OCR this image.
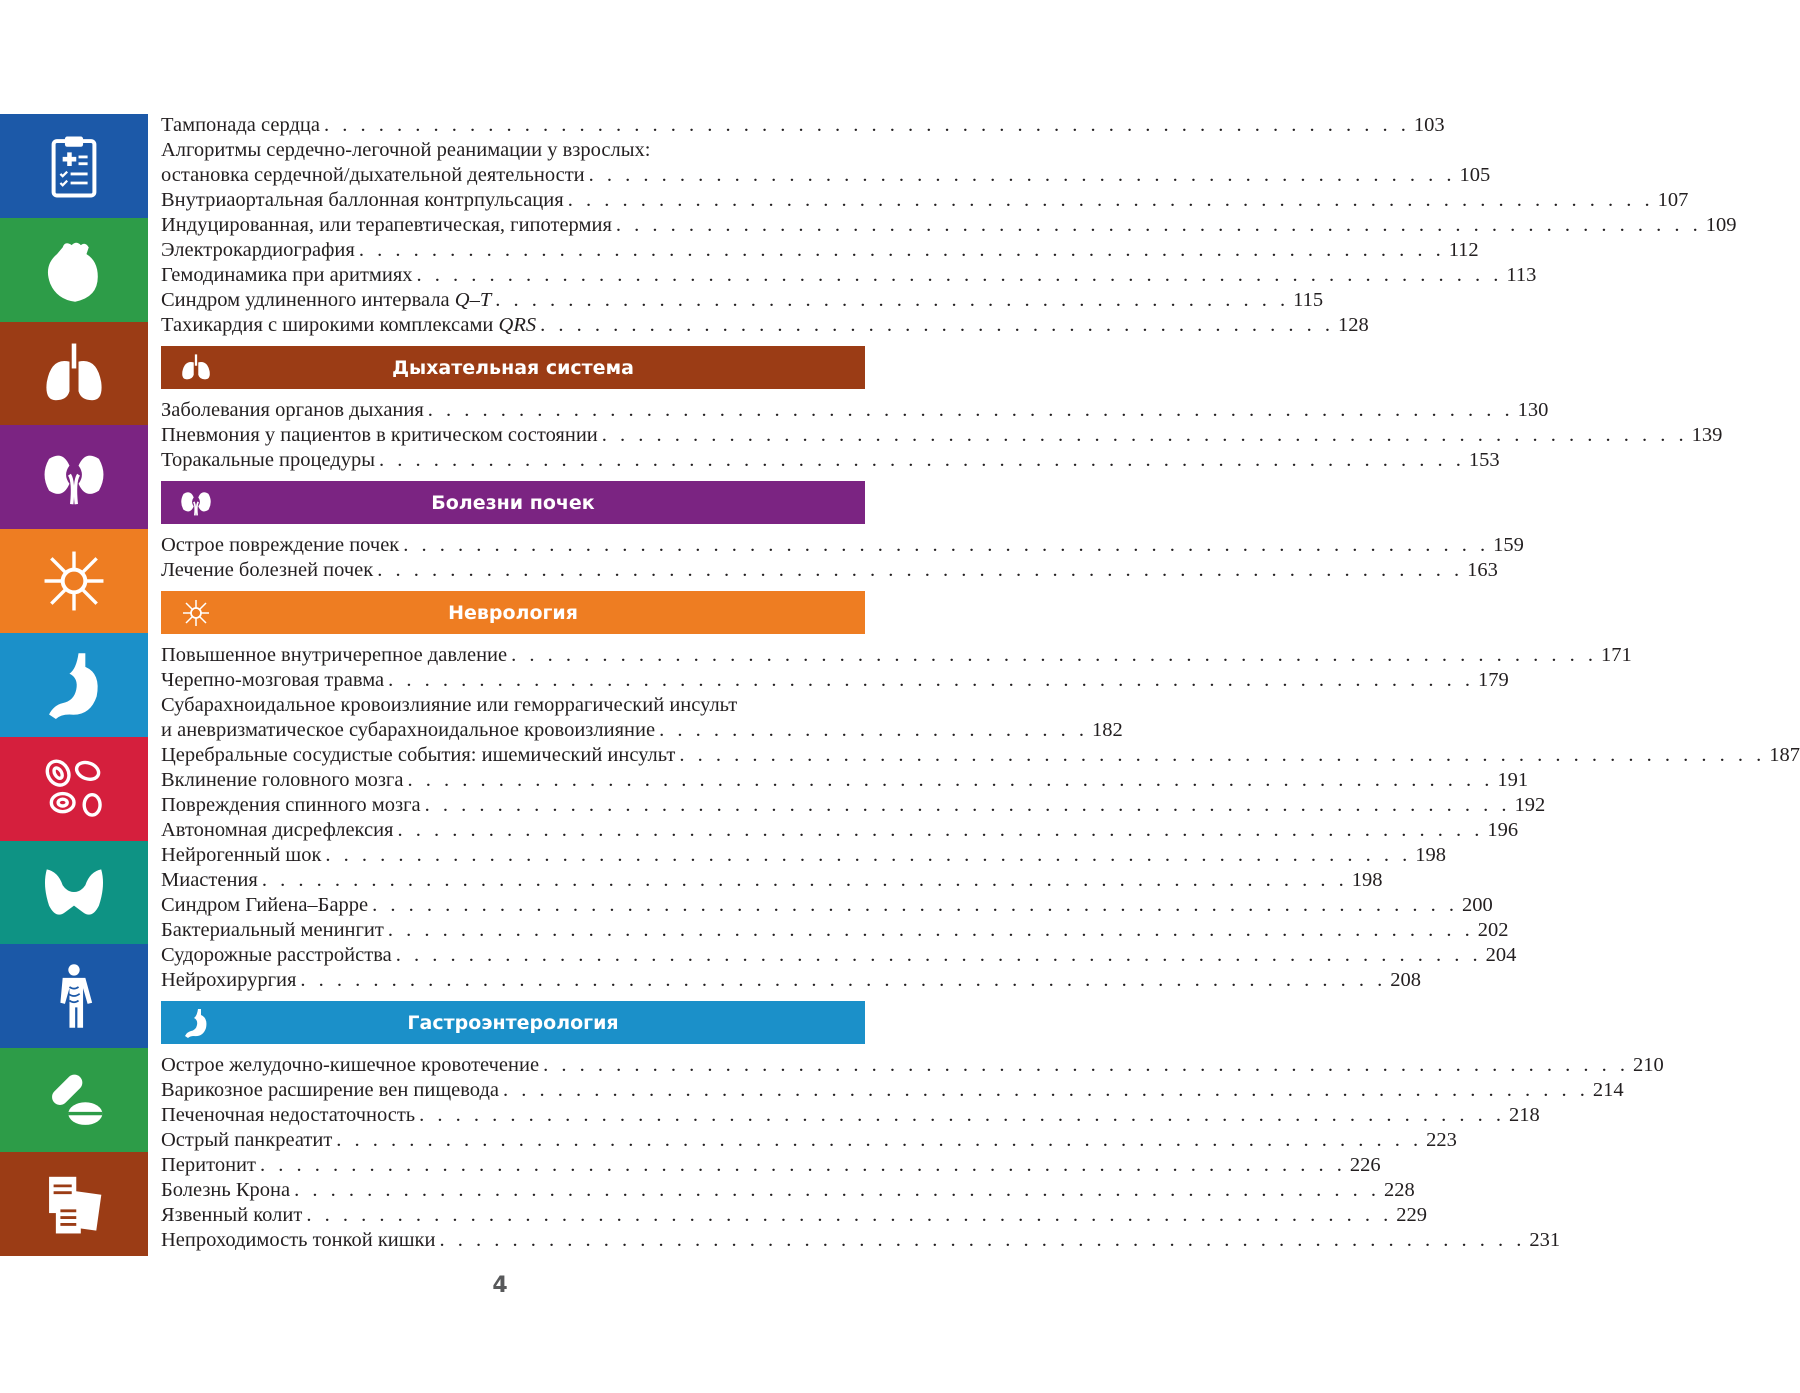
Тампонада сердца . . . . . . . . . . . . . . . . . . . . . . . . . . . . . . . . . . . . . . . . . . . . . . . . . . . . . . . . . . . . 103
Алгоритмы сердечно-легочной реанимации у взрослых:
остановка сердечной/дыхательной деятельности . . . . . . . . . . . . . . . . . . . . . . . . . . . . . . . . . . . . . . . . . . . . . . . . 105
Внутриаортальная баллонная контрпульсация . . . . . . . . . . . . . . . . . . . . . . . . . . . . . . . . . . . . . . . . . . . . . . . . . . . . . . . . . . . . 107
Индуцированная, или терапевтическая, гипотермия . . . . . . . . . . . . . . . . . . . . . . . . . . . . . . . . . . . . . . . . . . . . . . . . . . . . . . . . . . . . 109
Электрокардиография . . . . . . . . . . . . . . . . . . . . . . . . . . . . . . . . . . . . . . . . . . . . . . . . . . . . . . . . . . . . 112
Гемодинамика при аритмиях . . . . . . . . . . . . . . . . . . . . . . . . . . . . . . . . . . . . . . . . . . . . . . . . . . . . . . . . . . . . 113
Синдром удлиненного интервала Q–T . . . . . . . . . . . . . . . . . . . . . . . . . . . . . . . . . . . . . . . . . . . . 115
Тахикардия с широкими комплексами QRS . . . . . . . . . . . . . . . . . . . . . . . . . . . . . . . . . . . . . . . . . . . . 128
Дыхательная система
Заболевания органов дыхания . . . . . . . . . . . . . . . . . . . . . . . . . . . . . . . . . . . . . . . . . . . . . . . . . . . . . . . . . . . . 130
Пневмония у пациентов в критическом состоянии . . . . . . . . . . . . . . . . . . . . . . . . . . . . . . . . . . . . . . . . . . . . . . . . . . . . . . . . . . . . 139
Торакальные процедуры . . . . . . . . . . . . . . . . . . . . . . . . . . . . . . . . . . . . . . . . . . . . . . . . . . . . . . . . . . . . 153
Болезни почек
Острое повреждение почек . . . . . . . . . . . . . . . . . . . . . . . . . . . . . . . . . . . . . . . . . . . . . . . . . . . . . . . . . . . . 159
Лечение болезней почек . . . . . . . . . . . . . . . . . . . . . . . . . . . . . . . . . . . . . . . . . . . . . . . . . . . . . . . . . . . . 163
Неврология
Повышенное внутричерепное давление . . . . . . . . . . . . . . . . . . . . . . . . . . . . . . . . . . . . . . . . . . . . . . . . . . . . . . . . . . . . 171
Черепно-мозговая травма . . . . . . . . . . . . . . . . . . . . . . . . . . . . . . . . . . . . . . . . . . . . . . . . . . . . . . . . . . . . 179
Субарахноидальное кровоизлияние или геморрагический инсульт
и аневризматическое субарахноидальное кровоизлияние . . . . . . . . . . . . . . . . . . . . . . . . 182
Церебральные сосудистые события: ишемический инсульт . . . . . . . . . . . . . . . . . . . . . . . . . . . . . . . . . . . . . . . . . . . . . . . . . . . . . . . . . . . . 187
Вклинение головного мозга . . . . . . . . . . . . . . . . . . . . . . . . . . . . . . . . . . . . . . . . . . . . . . . . . . . . . . . . . . . . 191
Повреждения спинного мозга . . . . . . . . . . . . . . . . . . . . . . . . . . . . . . . . . . . . . . . . . . . . . . . . . . . . . . . . . . . . 192
Автономная дисрефлексия . . . . . . . . . . . . . . . . . . . . . . . . . . . . . . . . . . . . . . . . . . . . . . . . . . . . . . . . . . . . 196
Нейрогенный шок . . . . . . . . . . . . . . . . . . . . . . . . . . . . . . . . . . . . . . . . . . . . . . . . . . . . . . . . . . . . 198
Миастения . . . . . . . . . . . . . . . . . . . . . . . . . . . . . . . . . . . . . . . . . . . . . . . . . . . . . . . . . . . . 198
Синдром Гийена–Барре . . . . . . . . . . . . . . . . . . . . . . . . . . . . . . . . . . . . . . . . . . . . . . . . . . . . . . . . . . . . 200
Бактериальный менингит . . . . . . . . . . . . . . . . . . . . . . . . . . . . . . . . . . . . . . . . . . . . . . . . . . . . . . . . . . . . 202
Судорожные расстройства . . . . . . . . . . . . . . . . . . . . . . . . . . . . . . . . . . . . . . . . . . . . . . . . . . . . . . . . . . . . 204
Нейрохирургия . . . . . . . . . . . . . . . . . . . . . . . . . . . . . . . . . . . . . . . . . . . . . . . . . . . . . . . . . . . . 208
Гастроэнтерология
Острое желудочно-кишечное кровотечение . . . . . . . . . . . . . . . . . . . . . . . . . . . . . . . . . . . . . . . . . . . . . . . . . . . . . . . . . . . . 210
Варикозное расширение вен пищевода . . . . . . . . . . . . . . . . . . . . . . . . . . . . . . . . . . . . . . . . . . . . . . . . . . . . . . . . . . . . 214
Печеночная недостаточность . . . . . . . . . . . . . . . . . . . . . . . . . . . . . . . . . . . . . . . . . . . . . . . . . . . . . . . . . . . . 218
Острый панкреатит . . . . . . . . . . . . . . . . . . . . . . . . . . . . . . . . . . . . . . . . . . . . . . . . . . . . . . . . . . . . 223
Перитонит . . . . . . . . . . . . . . . . . . . . . . . . . . . . . . . . . . . . . . . . . . . . . . . . . . . . . . . . . . . . 226
Болезнь Крона . . . . . . . . . . . . . . . . . . . . . . . . . . . . . . . . . . . . . . . . . . . . . . . . . . . . . . . . . . . . 228
Язвенный колит . . . . . . . . . . . . . . . . . . . . . . . . . . . . . . . . . . . . . . . . . . . . . . . . . . . . . . . . . . . . 229
Непроходимость тонкой кишки . . . . . . . . . . . . . . . . . . . . . . . . . . . . . . . . . . . . . . . . . . . . . . . . . . . . . . . . . . . . 231
4
